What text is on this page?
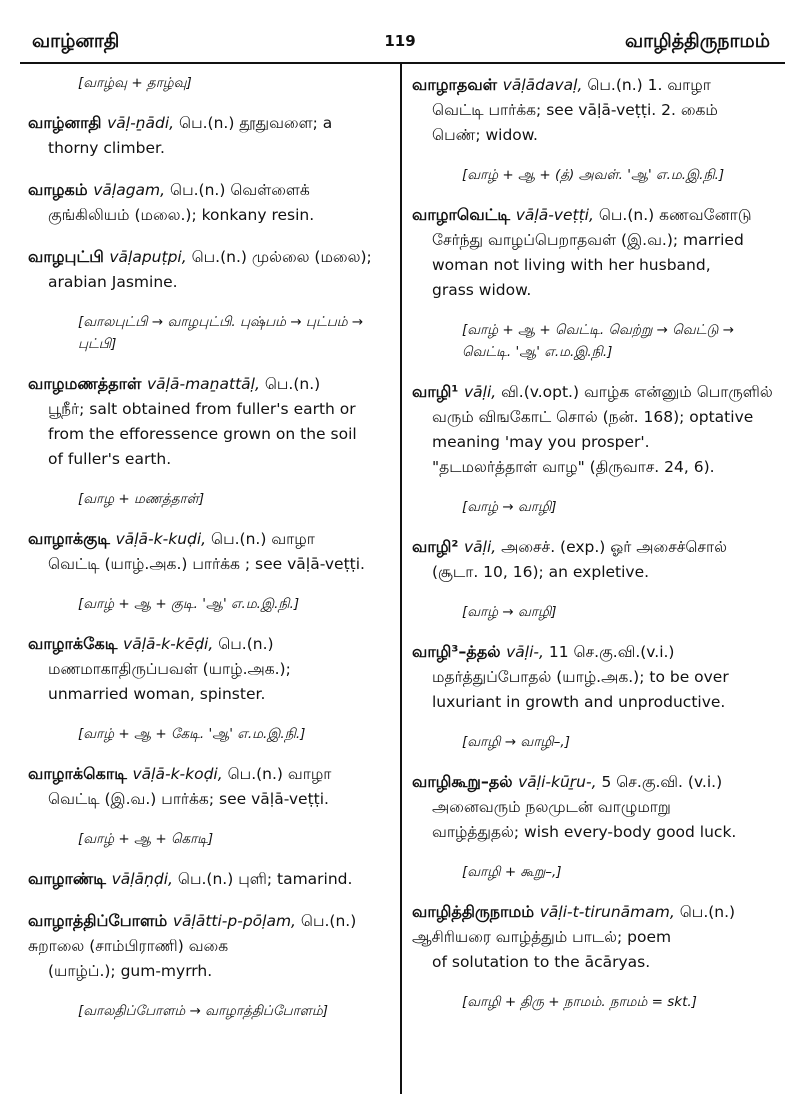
வாழ்னாதி	119	வாழித்திருநாமம்
[வாழ்வு + தாழ்வு]
வாழ்னாதி vāḷ-ṉādi, பெ.(n.) தூதுவளை; a
thorny climber.
வாழகம் vāḷagam, பெ.(n.) வெள்ளைக்
குங்கிலியம் (மலை.); konkany resin.
வாழபுட்பி vāḷapuṭpi, பெ.(n.) முல்லை (மலை);
arabian Jasmine.
[வாலபுட்பி → வாழபுட்பி. புஷ்பம் → புட்பம் →
புட்பி]
வாழமணத்தாள் vāḷā-maṉattāḷ, பெ.(n.)
பூநீர்; salt obtained from fuller's earth or
from the efforessence grown on the soil
of fuller's earth.
[வாழ + மணத்தாள்]
வாழாக்குடி vāḷā-k-kuḍi, பெ.(n.) வாழா
வெட்டி (யாழ்.அக.) பார்க்க ; see vāḷā-veṭṭi.
[வாழ் + ஆ + குடி. 'ஆ' எ.ம.இ.நி.]
வாழாக்கேடி vāḷā-k-kēḍi, பெ.(n.)
மணமாகாதிருப்பவள் (யாழ்.அக.);
unmarried woman, spinster.
[வாழ் + ஆ + கேடி. 'ஆ' எ.ம.இ.நி.]
வாழாக்கொடி vāḷā-k-koḍi, பெ.(n.) வாழா
வெட்டி (இ.வ.) பார்க்க; see vāḷā-veṭṭi.
[வாழ் + ஆ + கொடி]
வாழாண்டி vāḷāṇḍi, பெ.(n.) புளி; tamarind.
வாழாத்திப்போளம் vāḷātti-p-pōḷam, பெ.(n.) சுறாலை (சாம்பிராணி) வகை
(யாழ்ப்.); gum-myrrh.
[வாலதிப்போளம் → வாழாத்திப்போளம்]
வாழாதவள் vāḷādavaḷ, பெ.(n.) 1. வாழா
வெட்டி பார்க்க; see vāḷā-veṭṭi. 2. கைம்
பெண்; widow.
[வாழ் + ஆ + (த்) அவள். 'ஆ' எ.ம.இ.நி.]
வாழாவெட்டி vāḷā-veṭṭi, பெ.(n.) கணவனோடு
சேர்ந்து வாழப்பெறாதவள் (இ.வ.); married
woman not living with her husband,
grass widow.
[வாழ் + ஆ + வெட்டி. வெற்று → வெட்டு →
வெட்டி. 'ஆ' எ.ம.இ.நி.]
வாழி¹ vāḷi, வி.(v.opt.) வாழ்க என்னும் பொருளில்
வரும் விஙகோட் சொல் (நன். 168); optative
meaning 'may you prosper'.
"தடமலர்த்தாள் வாழ" (திருவாச. 24, 6).
[வாழ் → வாழி]
வாழி² vāḷi, அசைச். (exp.) ஓர் அசைச்சொல்
(சூடா. 10, 16); an expletive.
[வாழ் → வாழி]
வாழி³–த்தல் vāḷi-, 11 செ.கு.வி.(v.i.)
மதர்த்துப்போதல் (யாழ்.அக.); to be over
luxuriant in growth and unproductive.
[வாழி → வாழி–,]
வாழிகூறு–தல் vāḷi-kūṟu-, 5 செ.கு.வி. (v.i.)
அனைவரும் நலமுடன் வாழுமாறு
வாழ்த்துதல்; wish every-body good luck.
[வாழி + கூறு–,]
வாழித்திருநாமம் vāḷi-t-tirunāmam, பெ.(n.) ஆசிரியரை வாழ்த்தும் பாடல்; poem
of solutation to the ācāryas.
[வாழி + திரு + நாமம். நாமம் = skt.]
